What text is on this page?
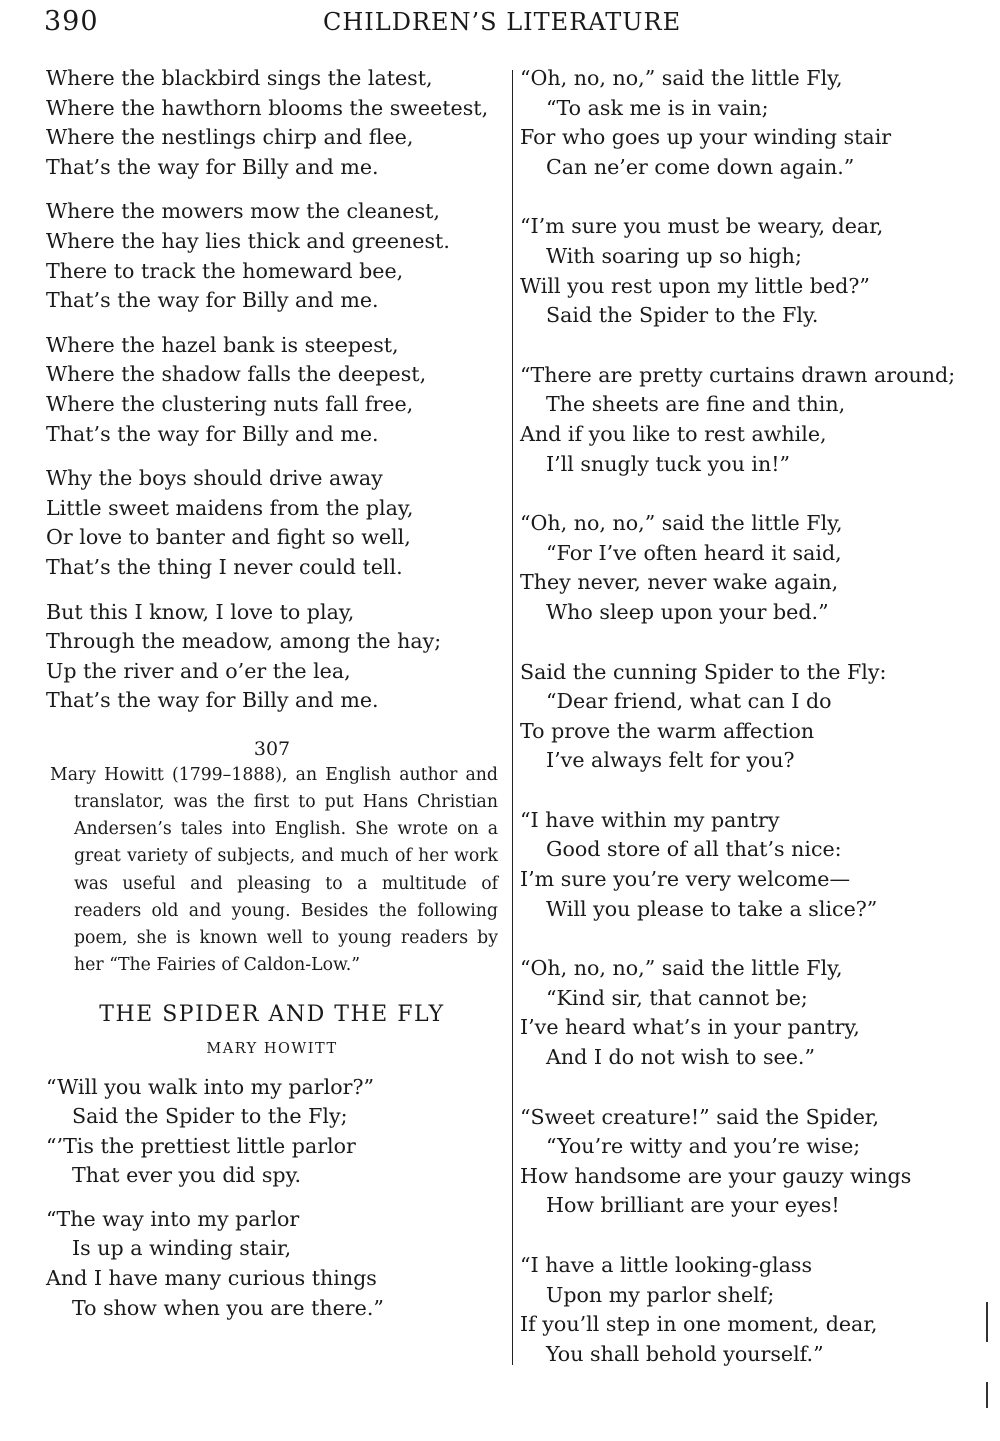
390	CHILDREN’S LITERATURE
Where the blackbird sings the latest,
Where the hawthorn blooms the sweetest,
Where the nestlings chirp and flee,
That’s the way for Billy and me.
Where the mowers mow the cleanest,
Where the hay lies thick and greenest.
There to track the homeward bee,
That’s the way for Billy and me.
Where the hazel bank is steepest,
Where the shadow falls the deepest,
Where the clustering nuts fall free,
That’s the way for Billy and me.
Why the boys should drive away
Little sweet maidens from the play,
Or love to banter and fight so well,
That’s the thing I never could tell.
But this I know, I love to play,
Through the meadow, among the hay;
Up the river and o’er the lea,
That’s the way for Billy and me.
307

Mary Howitt (1799–1888), an English author and translator, was the first to put Hans Christian Andersen’s tales into English. She wrote on a great variety of subjects, and much of her work was useful and pleasing to a multitude of readers old and young. Besides the following poem, she is known well to young readers by her “The Fairies of Caldon-Low.”

THE SPIDER AND THE FLY
MARY HOWITT
“Will you walk into my parlor?”
Said the Spider to the Fly;
“’Tis the prettiest little parlor
That ever you did spy.
“The way into my parlor
Is up a winding stair,
And I have many curious things
To show when you are there.”
“Oh, no, no,” said the little Fly,
“To ask me is in vain;
For who goes up your winding stair
Can ne’er come down again.”
“I’m sure you must be weary, dear,
With soaring up so high;
Will you rest upon my little bed?”
Said the Spider to the Fly.
“There are pretty curtains drawn around;
The sheets are fine and thin,
And if you like to rest awhile,
I’ll snugly tuck you in!”
“Oh, no, no,” said the little Fly,
“For I’ve often heard it said,
They never, never wake again,
Who sleep upon your bed.”
Said the cunning Spider to the Fly:
“Dear friend, what can I do
To prove the warm affection
I’ve always felt for you?
“I have within my pantry
Good store of all that’s nice:
I’m sure you’re very welcome—
Will you please to take a slice?”
“Oh, no, no,” said the little Fly,
“Kind sir, that cannot be;
I’ve heard what’s in your pantry,
And I do not wish to see.”
“Sweet creature!” said the Spider,
“You’re witty and you’re wise;
How handsome are your gauzy wings
How brilliant are your eyes!
“I have a little looking-glass
Upon my parlor shelf;
If you’ll step in one moment, dear,
You shall behold yourself.”
